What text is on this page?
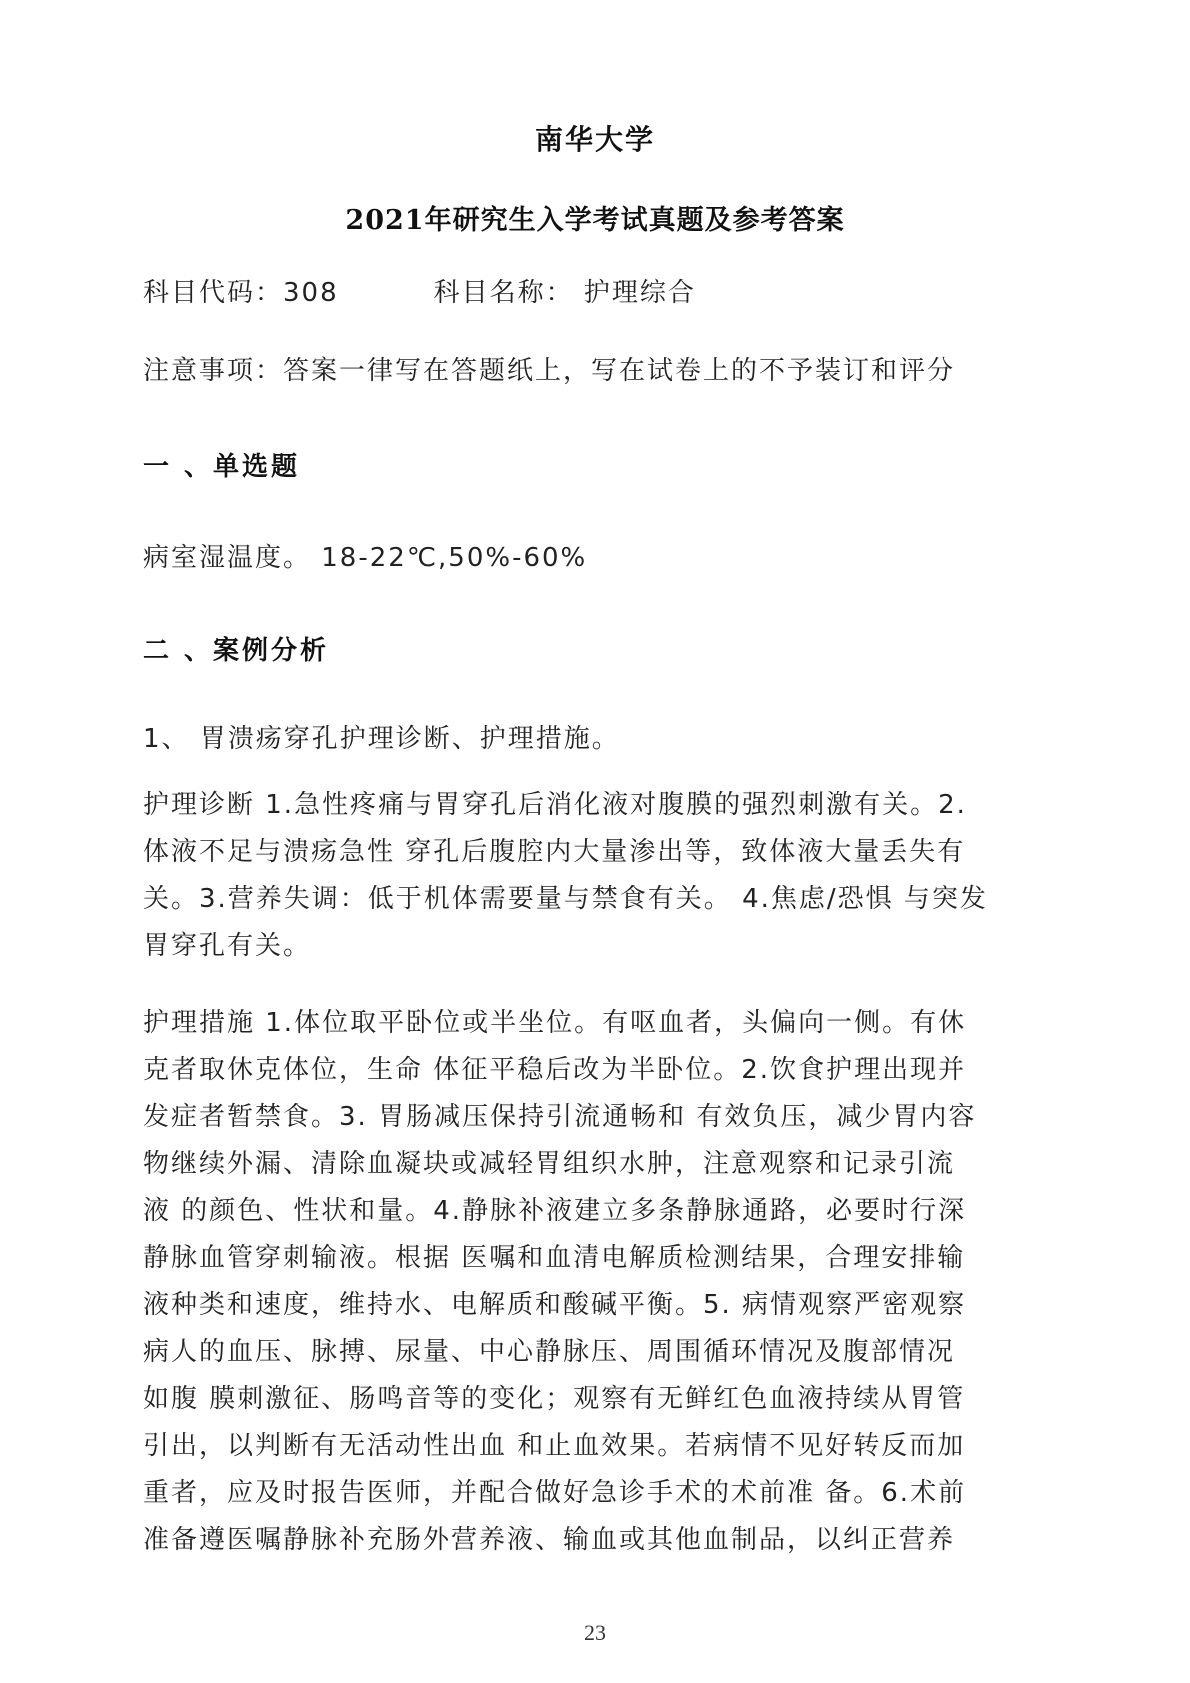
南华大学
2021年研究生入学考试真题及参考答案
科目代码：308	科目名称： 护理综合
注意事项：答案一律写在答题纸上，写在试卷上的不予装订和评分
一 、单选题
病室湿温度。 18-22℃,50%-60%
二 、案例分析
1、 胃溃疡穿孔护理诊断、护理措施。
护理诊断 1.急性疼痛与胃穿孔后消化液对腹膜的强烈刺激有关。2.
体液不足与溃疡急性 穿孔后腹腔内大量渗出等，致体液大量丢失有
关。3.营养失调：低于机体需要量与禁食有关。 4.焦虑/恐惧 与突发
胃穿孔有关。
护理措施 1.体位取平卧位或半坐位。有呕血者，头偏向一侧。有休
克者取休克体位，生命 体征平稳后改为半卧位。2.饮食护理出现并
发症者暂禁食。3. 胃肠减压保持引流通畅和 有效负压，减少胃内容
物继续外漏、清除血凝块或减轻胃组织水肿，注意观察和记录引流
液 的颜色、性状和量。4.静脉补液建立多条静脉通路，必要时行深
静脉血管穿刺输液。根据 医嘱和血清电解质检测结果，合理安排输
液种类和速度，维持水、电解质和酸碱平衡。5. 病情观察严密观察
病人的血压、脉搏、尿量、中心静脉压、周围循环情况及腹部情况
如腹 膜刺激征、肠鸣音等的变化；观察有无鲜红色血液持续从胃管
引出，以判断有无活动性出血 和止血效果。若病情不见好转反而加
重者，应及时报告医师，并配合做好急诊手术的术前准 备。6.术前
准备遵医嘱静脉补充肠外营养液、输血或其他血制品，以纠正营养
23
